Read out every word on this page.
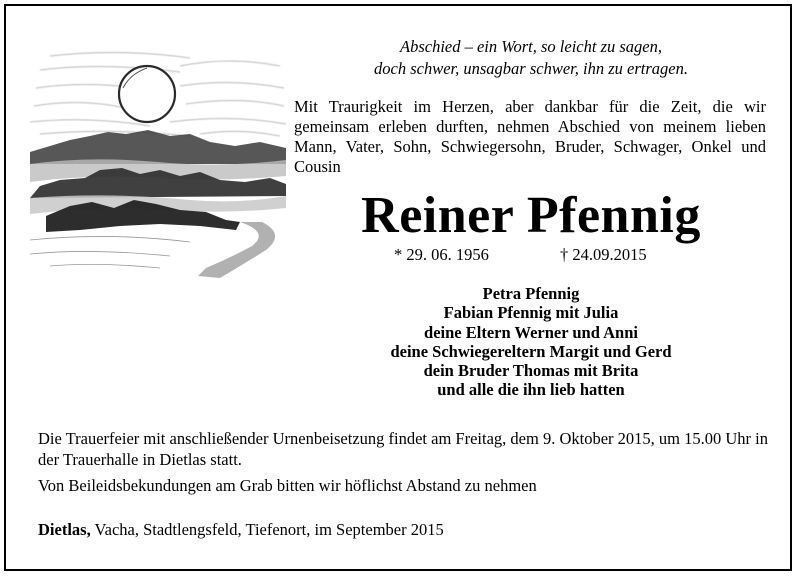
Abschied – ein Wort, so leicht zu sagen,
doch schwer, unsagbar schwer, ihn zu ertragen.
Mit Traurigkeit im Herzen, aber dankbar für die Zeit, die wir gemeinsam erleben durften, nehmen Abschied von meinem lieben Mann, Vater, Sohn, Schwiegersohn, Bruder, Schwager, Onkel und Cousin
Reiner Pfennig
* 29. 06. 1956	† 24.09.2015
Petra Pfennig
Fabian Pfennig mit Julia
deine Eltern Werner und Anni
deine Schwiegereltern Margit und Gerd
dein Bruder Thomas mit Brita
und alle die ihn lieb hatten
Die Trauerfeier mit anschließender Urnenbeisetzung findet am Freitag, dem 9. Oktober 2015, um 15.00 Uhr in der Trauerhalle in Dietlas statt.
Von Beileidsbekundungen am Grab bitten wir höflichst Abstand zu nehmen
Dietlas, Vacha, Stadtlengsfeld, Tiefenort, im September 2015
